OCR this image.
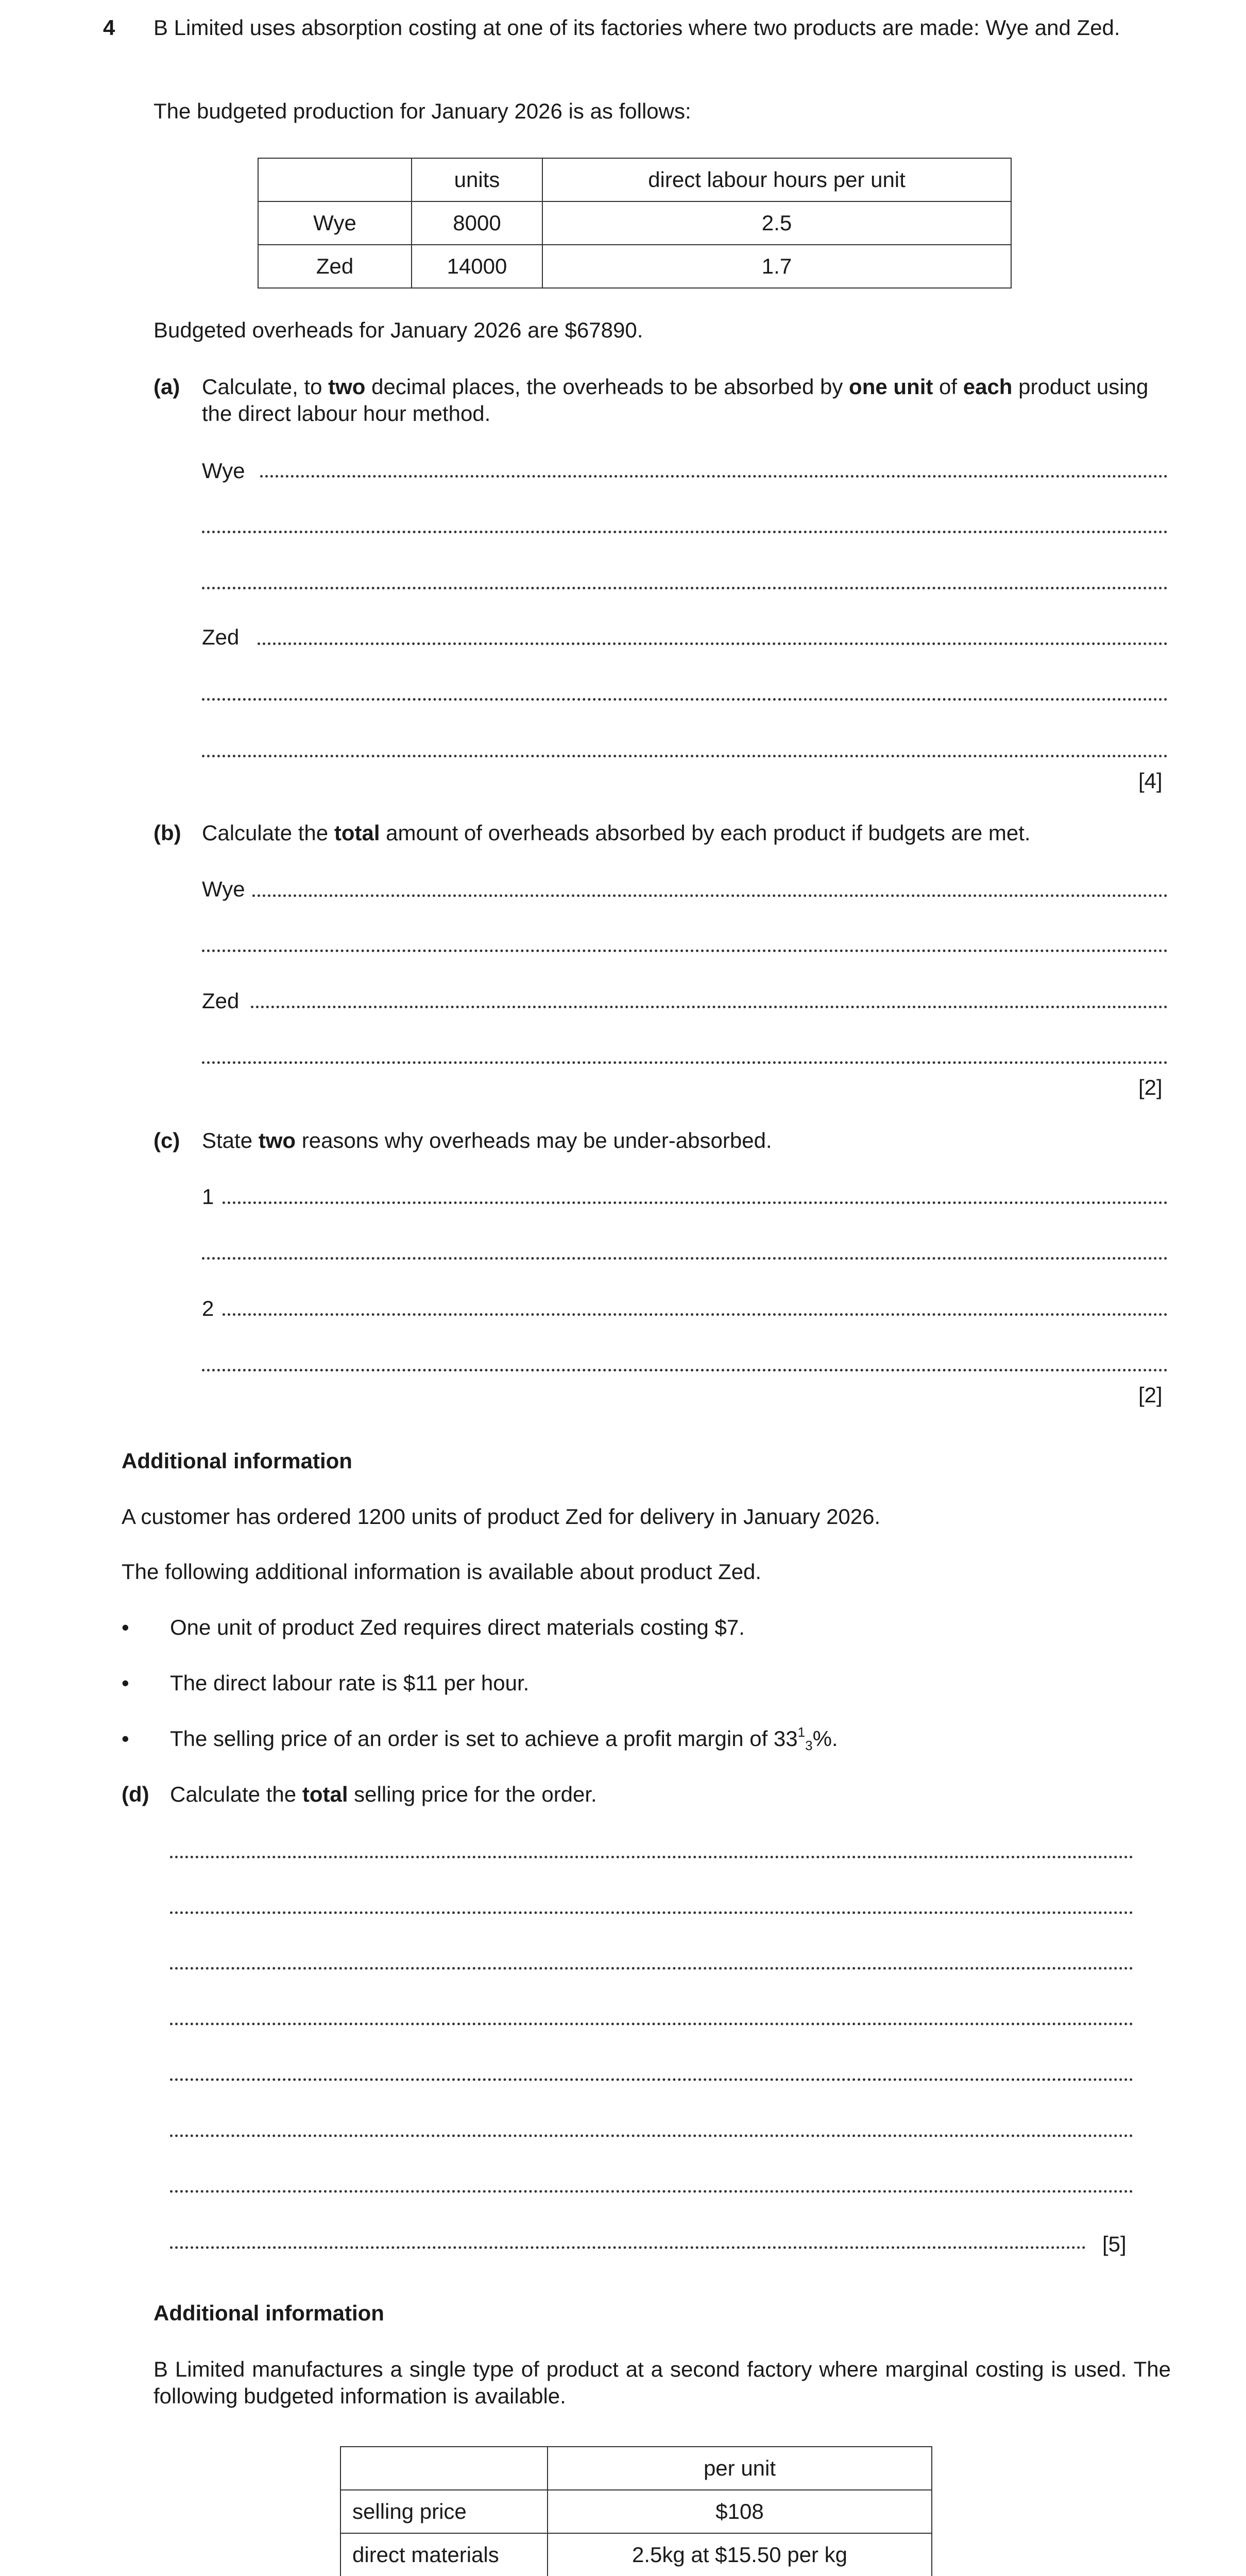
4 B Limited uses absorption costing at one of its factories where two products are made: Wye and Zed.
The budgeted production for January 2026 is as follows:
	units	direct labour hours per unit
Wye	8000	2.5
Zed	14000	1.7
Budgeted overheads for January 2026 are $67890.
(a) Calculate, to two decimal places, the overheads to be absorbed by one unit of each product using the direct labour hour method.
Wye
Zed
[4]
(b) Calculate the total amount of overheads absorbed by each product if budgets are met.
Wye
Zed
[2]
(c) State two reasons why overheads may be under-absorbed.
1
2
[2]
Additional information
A customer has ordered 1200 units of product Zed for delivery in January 2026.
The following additional information is available about product Zed.
• One unit of product Zed requires direct materials costing $7.
• The direct labour rate is $11 per hour.
• The selling price of an order is set to achieve a profit margin of $33^13\%$.
(d) Calculate the total selling price for the order.
[5]
Additional information
B Limited manufactures a single type of product at a second factory where marginal costing is used. The following budgeted information is available.
	per unit
selling price	$108
direct materials	2.5kg at $15.50 per kg
